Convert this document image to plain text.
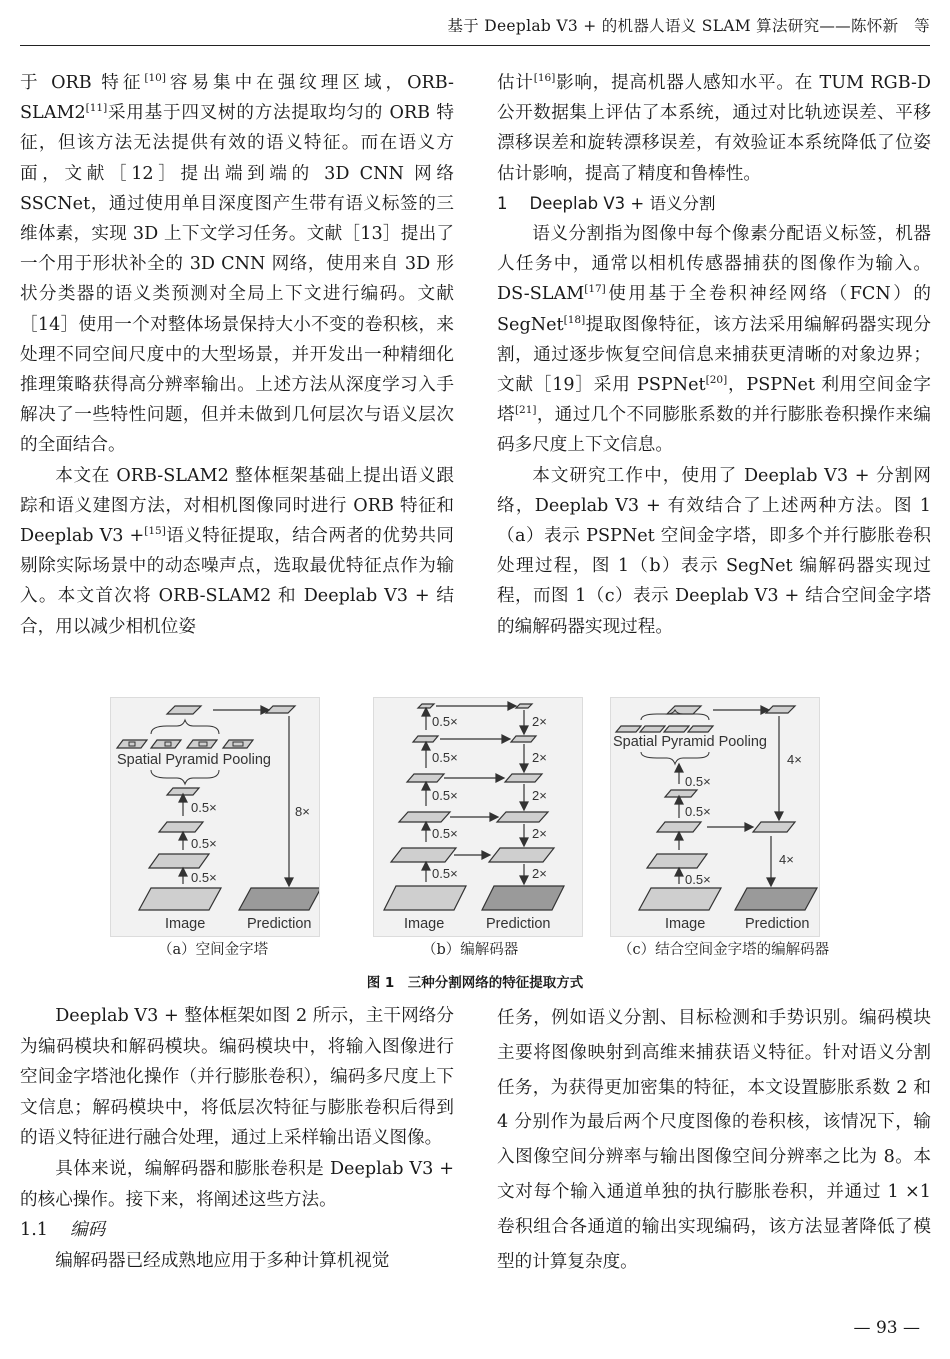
基于 Deeplab V3 + 的机器人语义 SLAM 算法研究——陈怀新　等

于 ORB 特征[10]容易集中在强纹理区域，ORB-SLAM2[11]采用基于四叉树的方法提取均匀的 ORB 特征，但该方法无法提供有效的语义特征。而在语义方面，文献［12］提出端到端的 3D CNN 网络 SSCNet，通过使用单目深度图产生带有语义标签的三维体素，实现 3D 上下文学习任务。文献［13］提出了一个用于形状补全的 3D CNN 网络，使用来自 3D 形状分类器的语义类预测对全局上下文进行编码。文献［14］使用一个对整体场景保持大小不变的卷积核，来处理不同空间尺度中的大型场景，并开发出一种精细化推理策略获得高分辨率输出。上述方法从深度学习入手解决了一些特性问题，但并未做到几何层次与语义层次的全面结合。

本文在 ORB-SLAM2 整体框架基础上提出语义跟踪和语义建图方法，对相机图像同时进行 ORB 特征和 Deeplab V3 +[15]语义特征提取，结合两者的优势共同剔除实际场景中的动态噪声点，选取最优特征点作为输入。本文首次将 ORB-SLAM2 和 Deeplab V3 + 结合，用以减少相机位姿

估计[16]影响，提高机器人感知水平。在 TUM RGB-D 公开数据集上评估了本系统，通过对比轨迹误差、平移漂移误差和旋转漂移误差，有效验证本系统降低了位姿估计影响，提高了精度和鲁棒性。

1 Deeplab V3 + 语义分割

语义分割指为图像中每个像素分配语义标签，机器人任务中，通常以相机传感器捕获的图像作为输入。DS-SLAM[17]使用基于全卷积神经网络（FCN）的 SegNet[18]提取图像特征，该方法采用编解码器实现分割，通过逐步恢复空间信息来捕获更清晰的对象边界；文献［19］采用 PSPNet[20]，PSPNet 利用空间金字塔[21]，通过几个不同膨胀系数的并行膨胀卷积操作来编码多尺度上下文信息。

本文研究工作中，使用了 Deeplab V3 + 分割网络，Deeplab V3 + 有效结合了上述两种方法。图 1（a）表示 PSPNet 空间金字塔，即多个并行膨胀卷积处理过程，图 1（b）表示 SegNet 编解码器实现过程，而图 1（c）表示 Deeplab V3 + 结合空间金字塔的编解码器实现过程。

Spatial Pyramid Pooling
0.5×
0.5×
0.5×
8×
Image	Prediction
0.5×
0.5×
0.5×
0.5×
0.5×
2×
2×
2×
2×
2×
Image	Prediction
Spatial Pyramid Pooling
0.5×
0.5×
0.5×
4×
4×
Image	Prediction
（a）空间金字塔	（b）编解码器	（c）结合空间金字塔的编解码器
图 1　三种分割网络的特征提取方式

Deeplab V3 + 整体框架如图 2 所示，主干网络分为编码模块和解码模块。编码模块中，将输入图像进行空间金字塔池化操作（并行膨胀卷积），编码多尺度上下文信息；解码模块中，将低层次特征与膨胀卷积后得到的语义特征进行融合处理，通过上采样输出语义图像。

具体来说，编解码器和膨胀卷积是 Deeplab V3 + 的核心操作。接下来，将阐述这些方法。

1.1 编码

编解码器已经成熟地应用于多种计算机视觉

任务，例如语义分割、目标检测和手势识别。编码模块主要将图像映射到高维来捕获语义特征。针对语义分割任务，为获得更加密集的特征，本文设置膨胀系数 2 和 4 分别作为最后两个尺度图像的卷积核，该情况下，输入图像空间分辨率与输出图像空间分辨率之比为 8。本文对每个输入通道单独的执行膨胀卷积，并通过 1 ×1 卷积组合各通道的输出实现编码，该方法显著降低了模型的计算复杂度。

— 93 —
